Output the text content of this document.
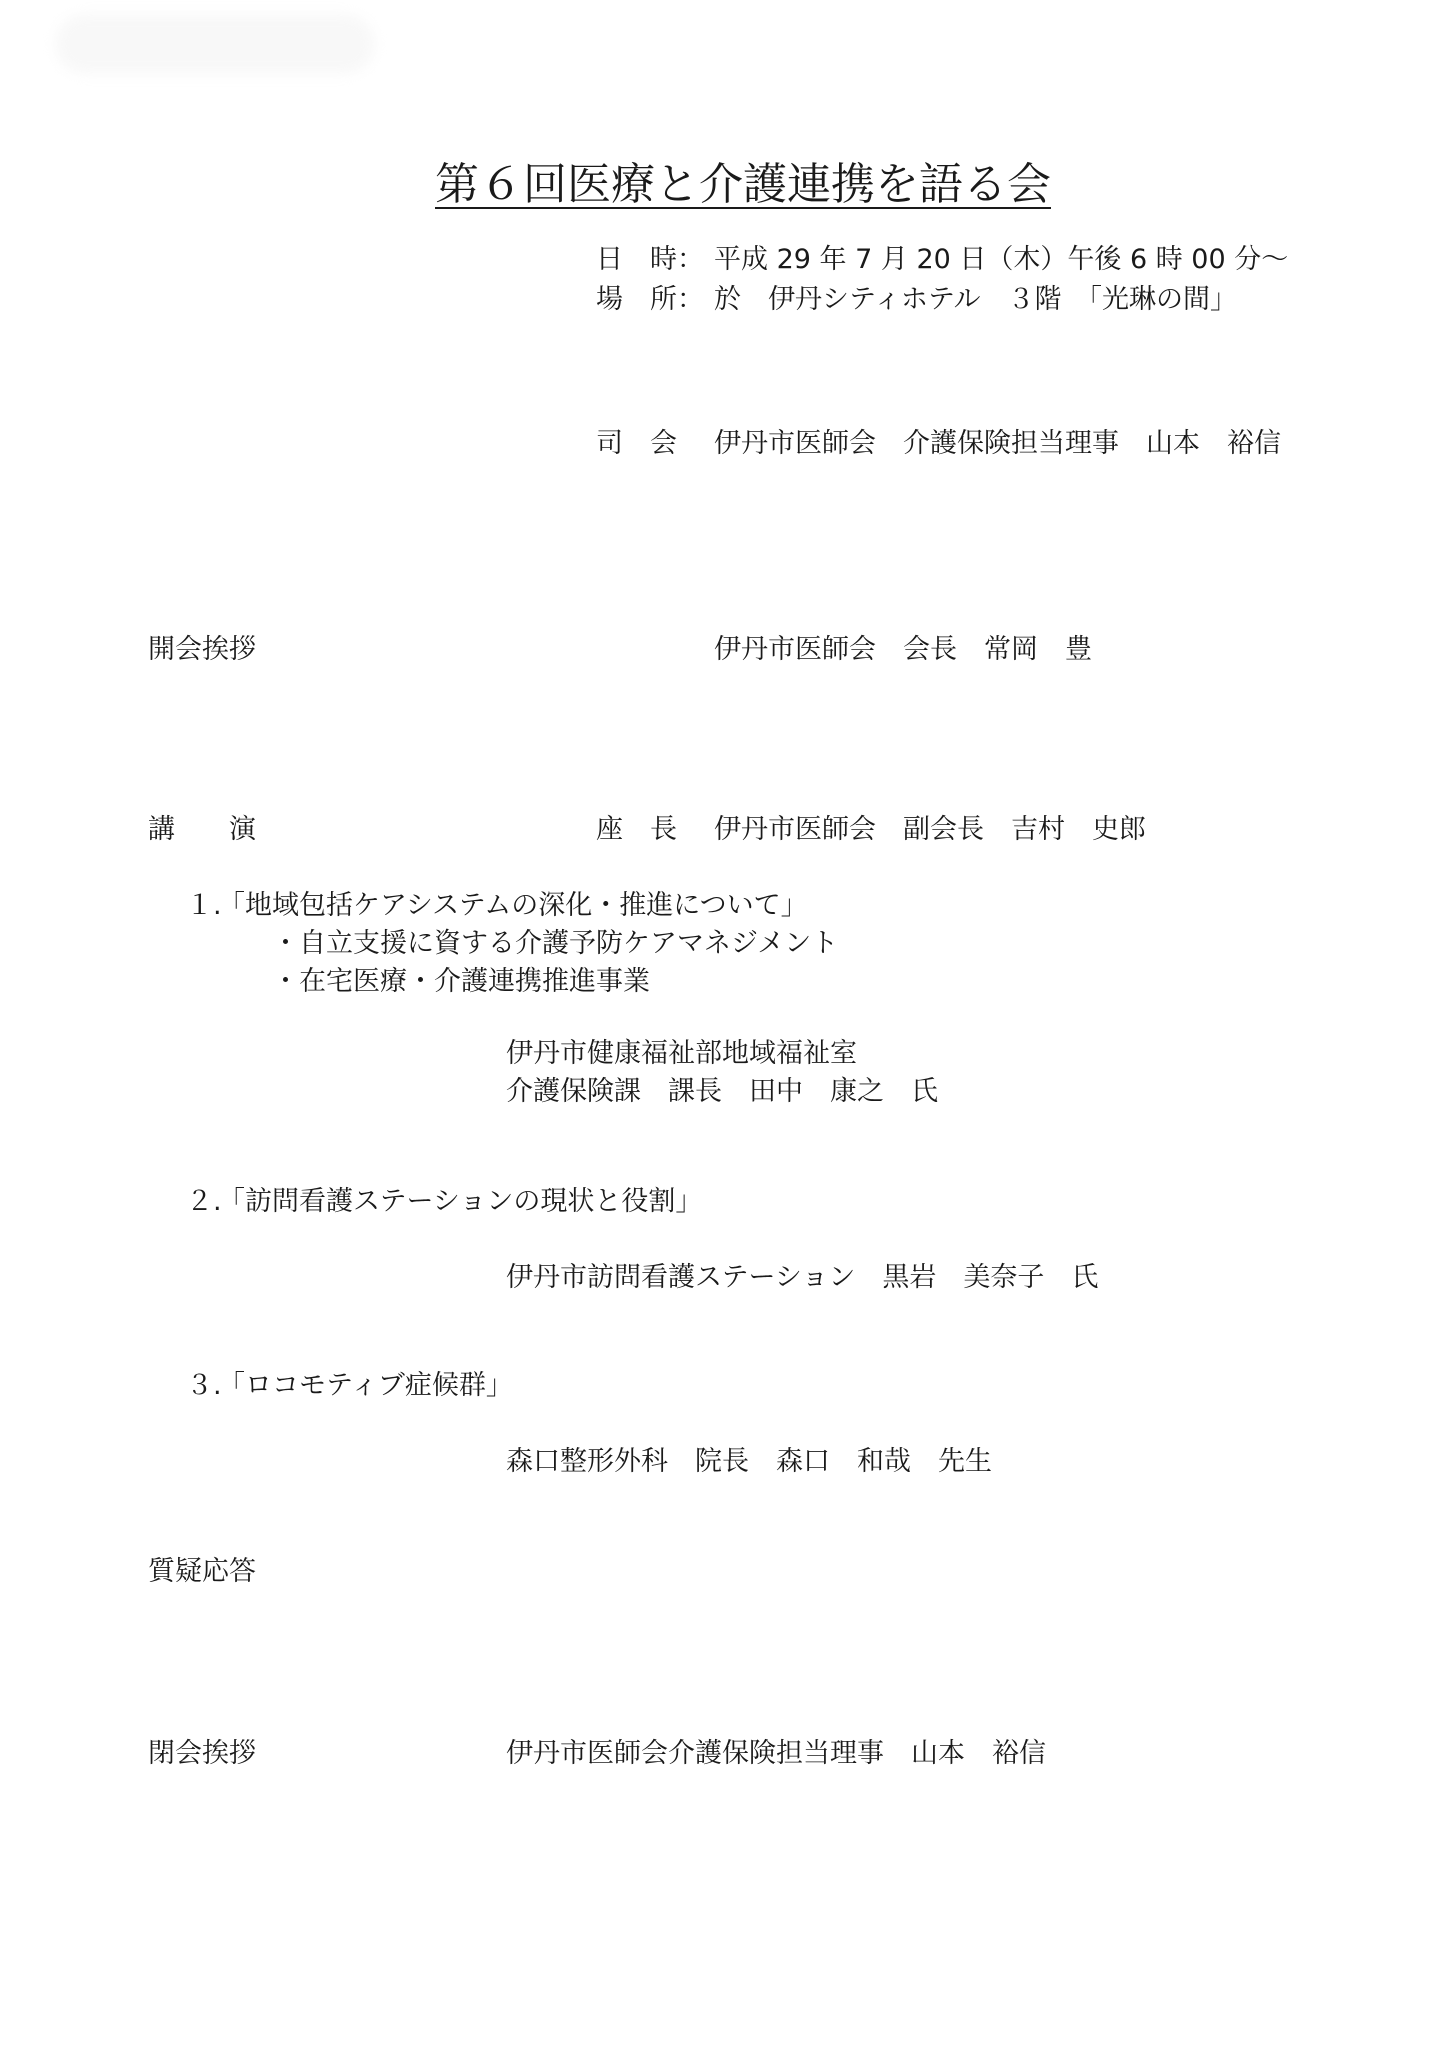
第６回医療と介護連携を語る会
日　時： 平成 29 年 7 月 20 日（木）午後 6 時 00 分～
場　所： 於　伊丹シティホテル　３階　「光琳の間」
司　会 伊丹市医師会　介護保険担当理事　山本　裕信
開会挨拶	伊丹市医師会　会長　常岡　豊
講　　演	座　長 伊丹市医師会　副会長　吉村　史郎
１.
「地域包括ケアシステムの深化・推進について」
・自立支援に資する介護予防ケアマネジメント
・在宅医療・介護連携推進事業
伊丹市健康福祉部地域福祉室
介護保険課　課長　田中　康之　氏
２.
「訪問看護ステーションの現状と役割」
伊丹市訪問看護ステーション　黒岩　美奈子　氏
３.
「ロコモティブ症候群」
森口整形外科　院長　森口　和哉　先生
質疑応答
閉会挨拶	伊丹市医師会介護保険担当理事　山本　裕信
